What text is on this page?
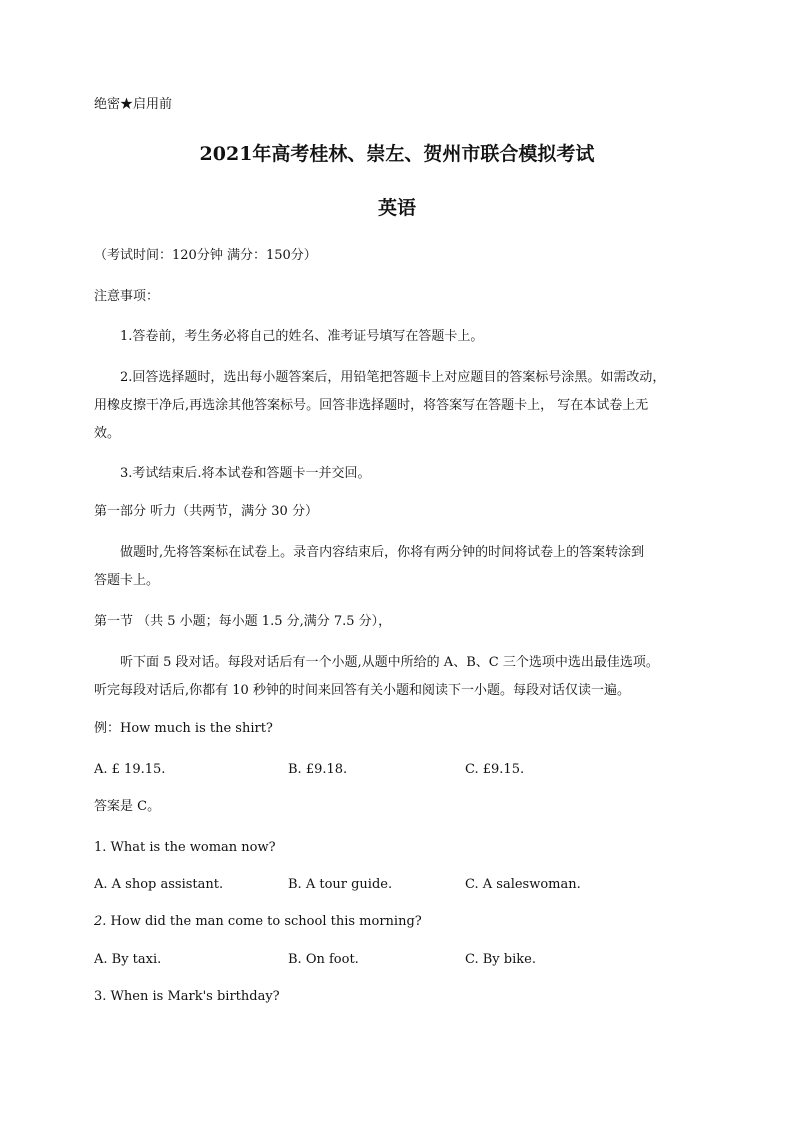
绝密★启用前
2021年高考桂林、崇左、贺州市联合模拟考试
英语
（考试时间：120分钟 满分：150分）
注意事项：
1.答卷前，考生务必将自己的姓名、准考证号填写在答题卡上。
2.回答选择题时，选出每小题答案后，用铅笔把答题卡上对应题目的答案标号涂黑。如需改动，
用橡皮擦干净后,再选涂其他答案标号。回答非选择题时，将答案写在答题卡上， 写在本试卷上无
效。
3.考试结束后.将本试卷和答题卡一并交回。
第一部分 听力（共两节，满分 30 分）
做题时,先将答案标在试卷上。录音内容结束后，你将有两分钟的时间将试卷上的答案转涂到
答题卡上。
第一节 （共 5 小题；每小题 1.5 分,满分 7.5 分），
听下面 5 段对话。每段对话后有一个小题,从题中所给的 A、B、C 三个选项中选出最佳选项。
听完每段对话后,你都有 10 秒钟的时间来回答有关小题和阅读下一小题。每段对话仅读一遍。
例：How much is the shirt?
A. £ 19.15.	B. £9.18.	C. £9.15.
答案是 C。
1. What is the woman now?
A. A shop assistant.	B. A tour guide.	C. A saleswoman.
2. How did the man come to school this morning?
A. By taxi.	B. On foot.	C. By bike.
3. When is Mark's birthday?
